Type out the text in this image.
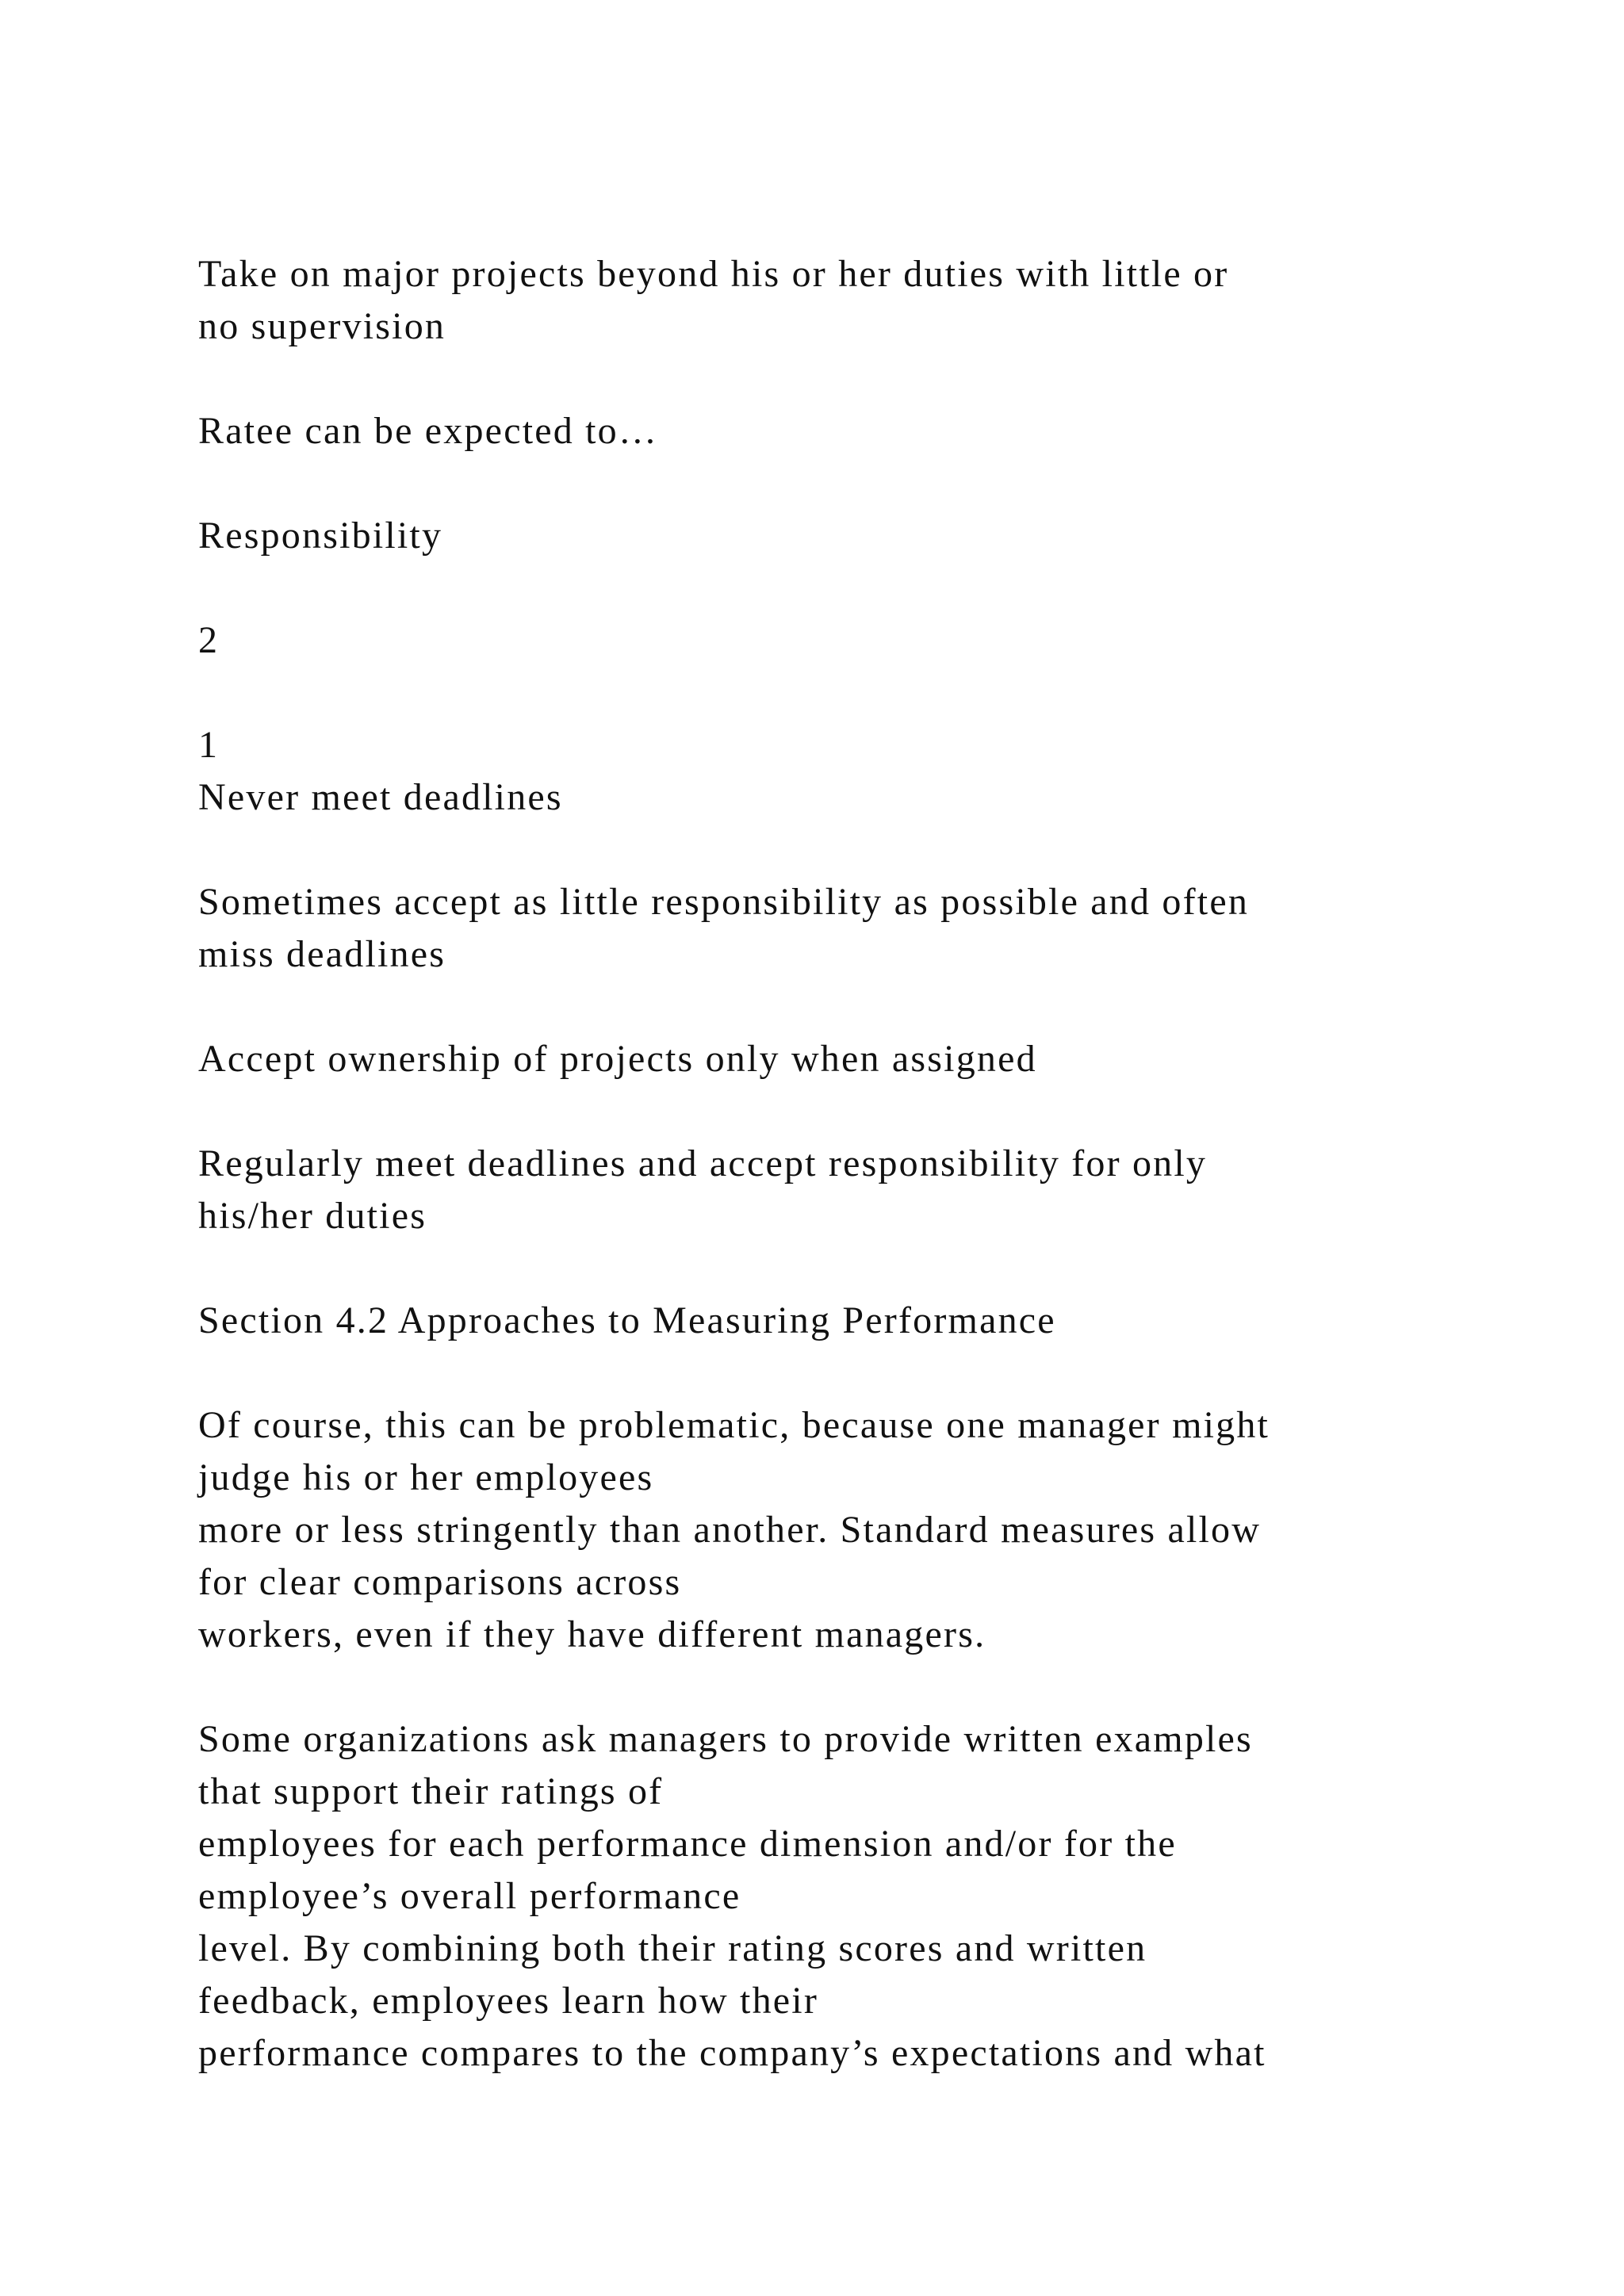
Take on major projects beyond his or her duties with little or
no supervision
Ratee can be expected to…
Responsibility
2
1
Never meet deadlines
Sometimes accept as little responsibility as possible and often
miss deadlines
Accept ownership of projects only when assigned
Regularly meet deadlines and accept responsibility for only
his/her duties
Section 4.2 Approaches to Measuring Performance
Of course, this can be problematic, because one manager might
judge his or her employees
more or less stringently than another. Standard measures allow
for clear comparisons across
workers, even if they have different managers.
Some organizations ask managers to provide written examples
that support their ratings of
employees for each performance dimension and/or for the
employee’s overall performance
level. By combining both their rating scores and written
feedback, employees learn how their
performance compares to the company’s expectations and what
